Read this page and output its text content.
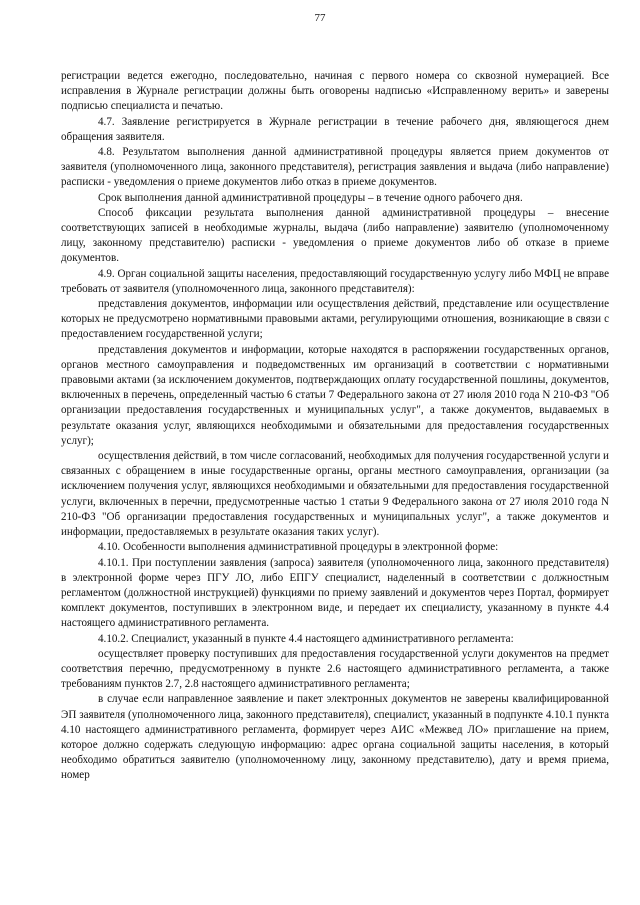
77

регистрации ведется ежегодно, последовательно, начиная с первого номера со сквозной нумерацией. Все исправления в Журнале регистрации должны быть оговорены надписью «Исправленному верить» и заверены подписью специалиста и печатью.

4.7. Заявление регистрируется в Журнале регистрации в течение рабочего дня, являющегося днем обращения заявителя.

4.8. Результатом выполнения данной административной процедуры является прием документов от заявителя (уполномоченного лица, законного представителя), регистрация заявления и выдача (либо направление) расписки - уведомления о приеме документов либо отказ в приеме документов.

Срок выполнения данной административной процедуры – в течение одного рабочего дня.

Способ фиксации результата выполнения данной административной процедуры – внесение соответствующих записей в необходимые журналы, выдача (либо направление) заявителю (уполномоченному лицу, законному представителю) расписки - уведомления о приеме документов либо об отказе в приеме документов.

4.9. Орган социальной защиты населения, предоставляющий государственную услугу либо МФЦ не вправе требовать от заявителя (уполномоченного лица, законного представителя):

представления документов, информации или осуществления действий, представление или осуществление которых не предусмотрено нормативными правовыми актами, регулирующими отношения, возникающие в связи с предоставлением государственной услуги;

представления документов и информации, которые находятся в распоряжении государственных органов, органов местного самоуправления и подведомственных им организаций в соответствии с нормативными правовыми актами (за исключением документов, подтверждающих оплату государственной пошлины, документов, включенных в перечень, определенный частью 6 статьи 7 Федерального закона от 27 июля 2010 года N 210-ФЗ "Об организации предоставления государственных и муниципальных услуг", а также документов, выдаваемых в результате оказания услуг, являющихся необходимыми и обязательными для предоставления государственных услуг);

осуществления действий, в том числе согласований, необходимых для получения государственной услуги и связанных с обращением в иные государственные органы, органы местного самоуправления, организации (за исключением получения услуг, являющихся необходимыми и обязательными для предоставления государственной услуги, включенных в перечни, предусмотренные частью 1 статьи 9 Федерального закона от 27 июля 2010 года N 210-ФЗ "Об организации предоставления государственных и муниципальных услуг", а также документов и информации, предоставляемых в результате оказания таких услуг).

4.10. Особенности выполнения административной процедуры в электронной форме:

4.10.1. При поступлении заявления (запроса) заявителя (уполномоченного лица, законного представителя) в электронной форме через ПГУ ЛО, либо ЕПГУ специалист, наделенный в соответствии с должностным регламентом (должностной инструкцией) функциями по приему заявлений и документов через Портал, формирует комплект документов, поступивших в электронном виде, и передает их специалисту, указанному в пункте 4.4 настоящего административного регламента.

4.10.2. Специалист, указанный в пункте 4.4 настоящего административного регламента:

осуществляет проверку поступивших для предоставления государственной услуги документов на предмет соответствия перечню, предусмотренному в пункте 2.6 настоящего административного регламента, а также требованиям пунктов 2.7, 2.8 настоящего административного регламента;

в случае если направленное заявление и пакет электронных документов не заверены квалифицированной ЭП заявителя (уполномоченного лица, законного представителя), специалист, указанный в подпункте 4.10.1 пункта 4.10 настоящего административного регламента, формирует через АИС «Межвед ЛО» приглашение на прием, которое должно содержать следующую информацию: адрес органа социальной защиты населения, в который необходимо обратиться заявителю (уполномоченному лицу, законному представителю), дату и время приема, номер
